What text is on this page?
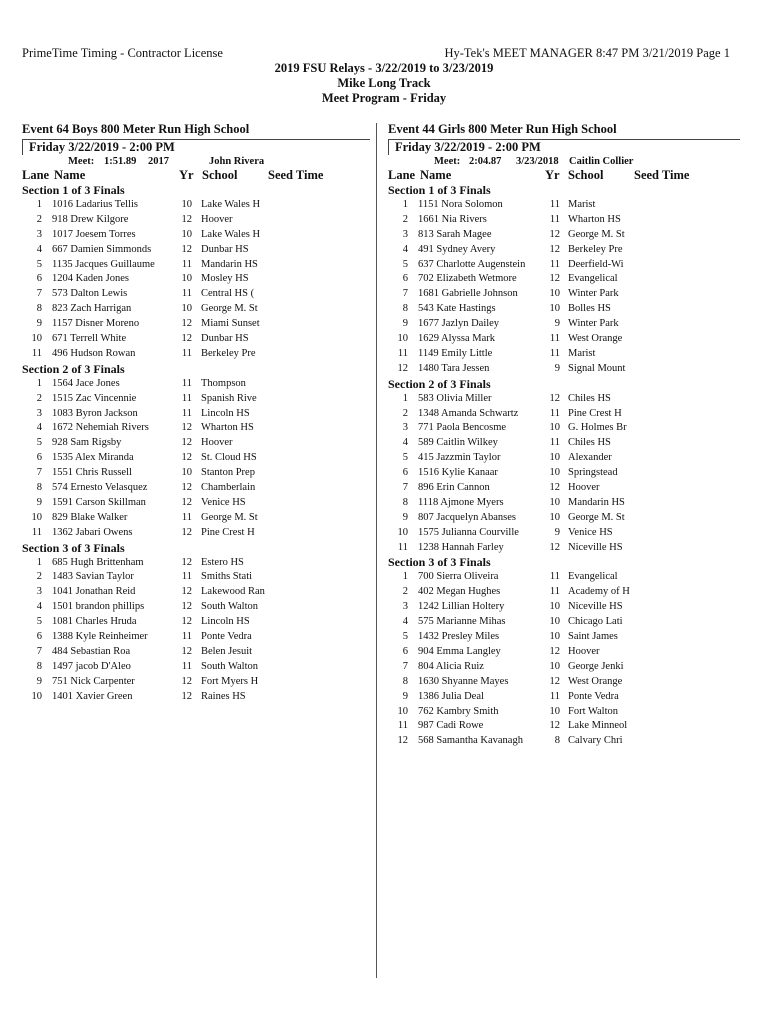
PrimeTime Timing - Contractor License	Hy-Tek's MEET MANAGER 8:47 PM 3/21/2019 Page 1
2019 FSU Relays - 3/22/2019 to 3/23/2019
Mike Long Track
Meet Program - Friday
Event 64 Boys 800 Meter Run High School
Friday 3/22/2019 - 2:00 PM
Meet: 1:51.89 2017	John Rivera
Lane Name	Yr School Seed Time
Section 1 of 3 Finals
1 1016 Ladarius Tellis	10 Lake Wales H
2 918 Drew Kilgore	12 Hoover
3 1017 Joesem Torres	10 Lake Wales H
4 667 Damien Simmonds	12 Dunbar HS
5 1135 Jacques Guillaume	11 Mandarin HS
6 1204 Kaden Jones	10 Mosley HS
7 573 Dalton Lewis	11 Central HS (
8 823 Zach Harrigan	10 George M. St
9 1157 Disner Moreno	12 Miami Sunset
10 671 Terrell White	12 Dunbar HS
11 496 Hudson Rowan	11 Berkeley Pre
Section 2 of 3 Finals
1 1564 Jace Jones	11 Thompson
2 1515 Zac Vincennie	11 Spanish Rive
3 1083 Byron Jackson	11 Lincoln HS
4 1672 Nehemiah Rivers	12 Wharton HS
5 928 Sam Rigsby	12 Hoover
6 1535 Alex Miranda	12 St. Cloud HS
7 1551 Chris Russell	10 Stanton Prep
8 574 Ernesto Velasquez	12 Chamberlain
9 1591 Carson Skillman	12 Venice HS
10 829 Blake Walker	11 George M. St
11 1362 Jabari Owens	12 Pine Crest H
Section 3 of 3 Finals
1 685 Hugh Brittenham	12 Estero HS
2 1483 Savian Taylor	11 Smiths Stati
3 1041 Jonathan Reid	12 Lakewood Ran
4 1501 brandon phillips	12 South Walton
5 1081 Charles Hruda	12 Lincoln HS
6 1388 Kyle Reinheimer	11 Ponte Vedra
7 484 Sebastian Roa	12 Belen Jesuit
8 1497 jacob D'Aleo	11 South Walton
9 751 Nick Carpenter	12 Fort Myers H
10 1401 Xavier Green	12 Raines HS
Event 44 Girls 800 Meter Run High School
Friday 3/22/2019 - 2:00 PM
Meet: 2:04.87 3/23/2018 Caitlin Collier
Lane Name	Yr School Seed Time
Section 1 of 3 Finals
1 1151 Nora Solomon	11 Marist
2 1661 Nia Rivers	11 Wharton HS
3 813 Sarah Magee	12 George M. St
4 491 Sydney Avery	12 Berkeley Pre
5 637 Charlotte Augenstein	11 Deerfield-Wi
6 702 Elizabeth Wetmore	12 Evangelical
7 1681 Gabrielle Johnson	10 Winter Park
8 543 Kate Hastings	10 Bolles HS
9 1677 Jazlyn Dailey	9 Winter Park
10 1629 Alyssa Mark	11 West Orange
11 1149 Emily Little	11 Marist
12 1480 Tara Jessen	9 Signal Mount
Section 2 of 3 Finals
1 583 Olivia Miller	12 Chiles HS
2 1348 Amanda Schwartz	11 Pine Crest H
3 771 Paola Bencosme	10 G. Holmes Br
4 589 Caitlin Wilkey	11 Chiles HS
5 415 Jazzmin Taylor	10 Alexander
6 1516 Kylie Kanaar	10 Springstead
7 896 Erin Cannon	12 Hoover
8 1118 Ajmone Myers	10 Mandarin HS
9 807 Jacquelyn Abanses	10 George M. St
10 1575 Julianna Courville	9 Venice HS
11 1238 Hannah Farley	12 Niceville HS
Section 3 of 3 Finals
1 700 Sierra Oliveira	11 Evangelical
2 402 Megan Hughes	11 Academy of H
3 1242 Lillian Holtery	10 Niceville HS
4 575 Marianne Mihas	10 Chicago Lati
5 1432 Presley Miles	10 Saint James
6 904 Emma Langley	12 Hoover
7 804 Alicia Ruiz	10 George Jenki
8 1630 Shyanne Mayes	12 West Orange
9 1386 Julia Deal	11 Ponte Vedra
10 762 Kambry Smith	10 Fort Walton
11 987 Cadi Rowe	12 Lake Minneol
12 568 Samantha Kavanagh	8 Calvary Chri
